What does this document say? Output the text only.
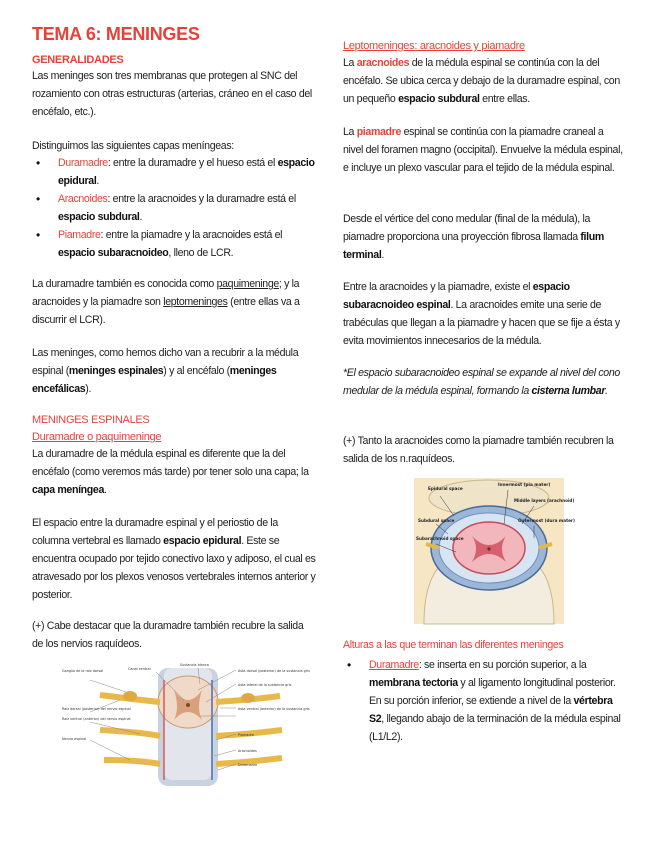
TEMA 6: MENINGES
GENERALIDADES

Las meninges son tres membranas que protegen al SNC del rozamiento con otras estructuras (arterias, cráneo en el caso del encéfalo, etc.).

Distinguimos las siguientes capas meníngeas:

• Duramadre: entre la duramadre y el hueso está el espacio epidural.
• Aracnoides: entre la aracnoides y la duramadre está el espacio subdural.
• Piamadre: entre la piamadre y la aracnoides está el espacio subaracnoideo, lleno de LCR.

La duramadre también es conocida como paquimeninge; y la aracnoides y la piamadre son leptomeninges (entre ellas va a discurrir el LCR).

Las meninges, como hemos dicho van a recubrir a la médula espinal (meninges espinales) y al encéfalo (meninges encefálicas).

MENINGES ESPINALES
Duramadre o paquimeninge

La duramadre de la médula espinal es diferente que la del encéfalo (como veremos más tarde) por tener solo una capa; la capa meníngea.

El espacio entre la duramadre espinal y el periostio de la columna vertebral es llamado espacio epidural. Este se encuentra ocupado por tejido conectivo laxo y adiposo, el cual es atravesado por los plexos venosos vertebrales internos anterior y posterior.

(+) Cabe destacar que la duramadre también recubre la salida de los nervios raquídeos.

Ganglio de la raíz dorsal	Canal central
Sustancia blanca
Asta dorsal (posterior) de la sustancia gris
Asta lateral de la sustancia gris
Raíz dorsal (posterior) del nervio espinal
Raíz ventral (anterior) del nervio espinal
Asta ventral (anterior) de la sustancia gris
Nervio espinal
Piamadre
Aracnoides
Duramadre
Leptomeninges: aracnoides y piamadre

La aracnoides de la médula espinal se continúa con la del encéfalo. Se ubica cerca y debajo de la duramadre espinal, con un pequeño espacio subdural entre ellas.

La piamadre espinal se continúa con la piamadre craneal a nivel del foramen magno (occipital). Envuelve la médula espinal, e incluye un plexo vascular para el tejido de la médula espinal.

Desde el vértice del cono medular (final de la médula), la piamadre proporciona una proyección fibrosa llamada filum terminal.

Entre la aracnoides y la piamadre, existe el espacio subaracnoideo espinal. La aracnoides emite una serie de trabéculas que llegan a la piamadre y hacen que se fije a ésta y evita movimientos innecesarios de la médula.

*El espacio subaracnoideo espinal se expande al nivel del cono medular de la médula espinal, formando la cisterna lumbar.

(+) Tanto la aracnoides como la piamadre también recubren la salida de los n.raquídeos.

Alturas a las que terminan las diferentes meninges
• Duramadre: se inserta en su porción superior, a la membrana tectoria y al ligamento longitudinal posterior. En su porción inferior, se extiende a nivel de la vértebra S2, llegando abajo de la terminación de la médula espinal (L1/L2).
Epidural space
Innermost (pia mater)
Middle layers (arachnoid)
Subdural space	Outermost (dura mater)
Subarachnoid space
